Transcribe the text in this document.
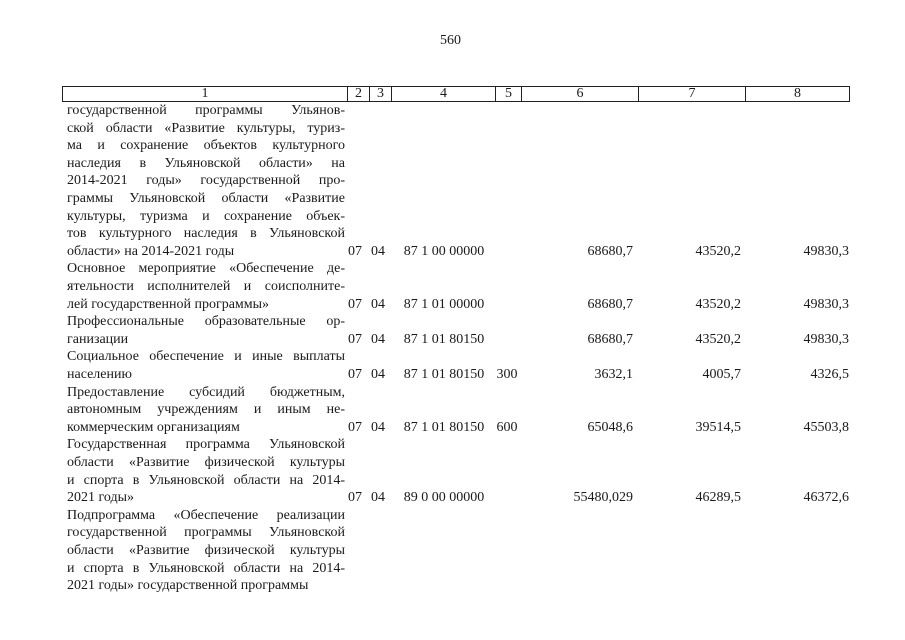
560
1	2	3	4	5	6	7	8
государственной программы Ульянов-
ской области «Развитие культуры, туриз-
ма и сохранение объектов культурного
наследия в Ульяновской области» на
2014-2021 годы» государственной про-
граммы Ульяновской области «Развитие
культуры, туризма и сохранение объек-
тов культурного наследия в Ульяновской
области» на 2014-2021 годы	07 04	87 1 00 00000	68680,7	43520,2	49830,3
Основное мероприятие «Обеспечение де-
ятельности исполнителей и соисполните-
лей государственной программы»	07 04	87 1 01 00000	68680,7	43520,2	49830,3
Профессиональные образовательные ор-
ганизации	07 04	87 1 01 80150	68680,7	43520,2	49830,3
Социальное обеспечение и иные выплаты
населению	07 04	87 1 01 80150 300	3632,1	4005,7	4326,5
Предоставление субсидий бюджетным,
автономным учреждениям и иным не-
коммерческим организациям	07 04	87 1 01 80150 600	65048,6	39514,5	45503,8
Государственная программа Ульяновской
области «Развитие физической культуры
и спорта в Ульяновской области на 2014-
2021 годы»	07 04	89 0 00 00000	55480,029	46289,5	46372,6
Подпрограмма «Обеспечение реализации
государственной программы Ульяновской
области «Развитие физической культуры
и спорта в Ульяновской области на 2014-
2021 годы» государственной программы
